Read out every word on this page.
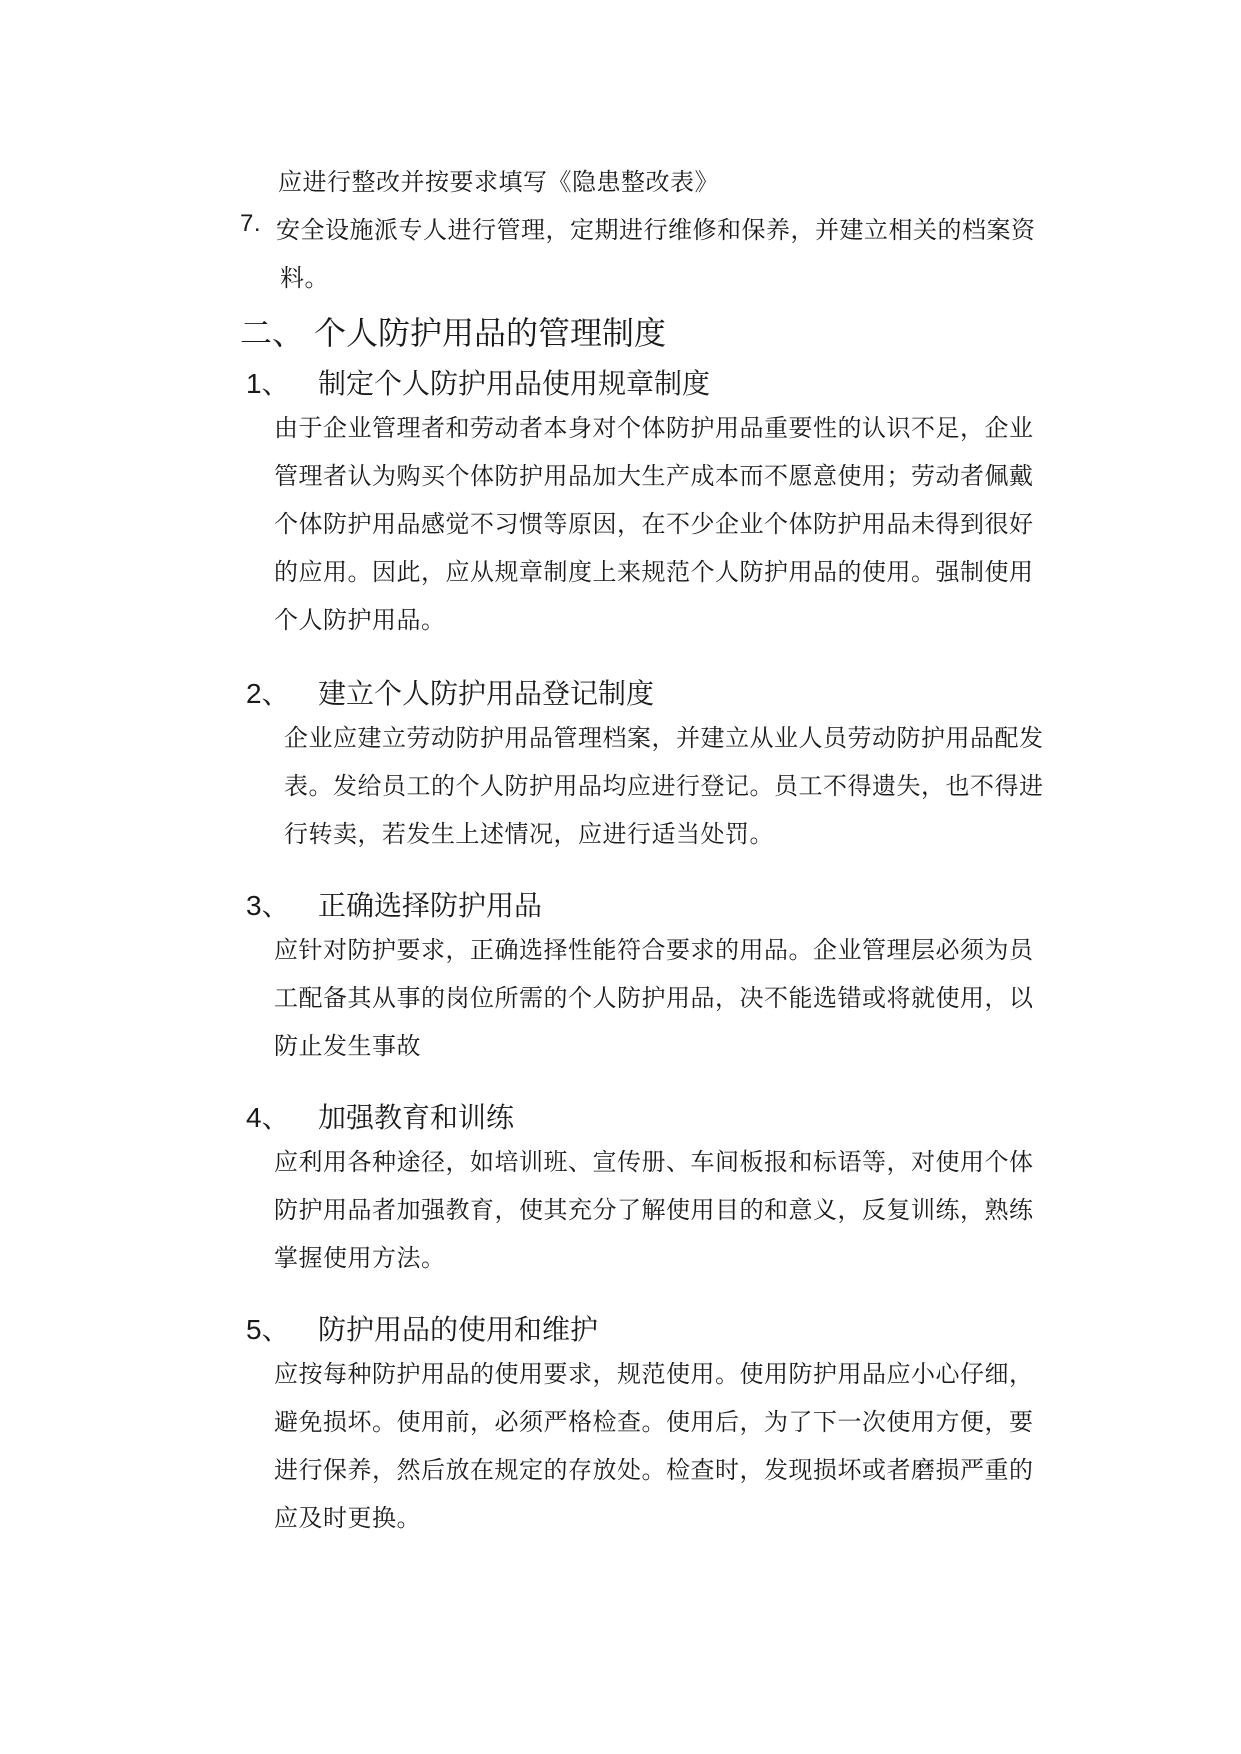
应进行整改并按要求填写《隐患整改表》

7. 安全设施派专人进行管理，定期进行维修和保养，并建立相关的档案资

料。

二、 个人防护用品的管理制度

1、 制定个人防护用品使用规章制度

由于企业管理者和劳动者本身对个体防护用品重要性的认识不足，企业

管理者认为购买个体防护用品加大生产成本而不愿意使用；劳动者佩戴

个体防护用品感觉不习惯等原因，在不少企业个体防护用品未得到很好

的应用。因此，应从规章制度上来规范个人防护用品的使用。强制使用

个人防护用品。

2、 建立个人防护用品登记制度

企业应建立劳动防护用品管理档案，并建立从业人员劳动防护用品配发

表。发给员工的个人防护用品均应进行登记。员工不得遗失，也不得进

行转卖，若发生上述情况，应进行适当处罚。

3、 正确选择防护用品

应针对防护要求，正确选择性能符合要求的用品。企业管理层必须为员

工配备其从事的岗位所需的个人防护用品，决不能选错或将就使用，以

防止发生事故

4、 加强教育和训练

应利用各种途径，如培训班、宣传册、车间板报和标语等，对使用个体

防护用品者加强教育，使其充分了解使用目的和意义，反复训练，熟练

掌握使用方法。

5、 防护用品的使用和维护

应按每种防护用品的使用要求，规范使用。使用防护用品应小心仔细，

避免损坏。使用前，必须严格检查。使用后，为了下一次使用方便，要

进行保养，然后放在规定的存放处。检查时，发现损坏或者磨损严重的

应及时更换。
